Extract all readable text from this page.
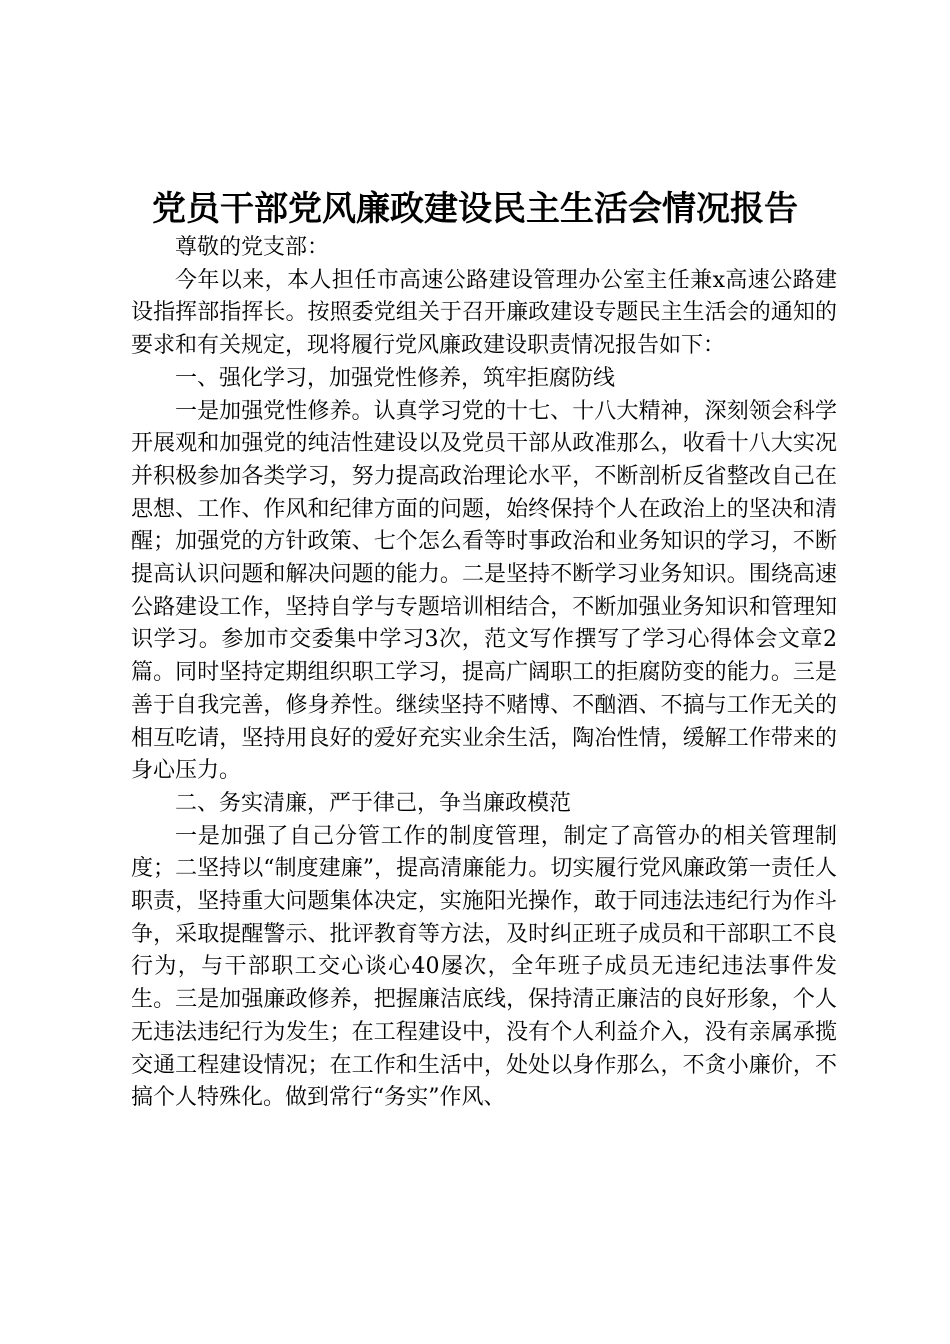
党员干部党风廉政建设民主生活会情况报告

尊敬的党支部：

今年以来，本人担任市高速公路建设管理办公室主任兼x高速公路建设指挥部指挥长。按照委党组关于召开廉政建设专题民主生活会的通知的要求和有关规定，现将履行党风廉政建设职责情况报告如下：

一、强化学习，加强党性修养，筑牢拒腐防线

一是加强党性修养。认真学习党的十七、十八大精神，深刻领会科学开展观和加强党的纯洁性建设以及党员干部从政准那么，收看十八大实况并积极参加各类学习，努力提高政治理论水平，不断剖析反省整改自己在思想、工作、作风和纪律方面的问题，始终保持个人在政治上的坚决和清醒；加强党的方针政策、七个怎么看等时事政治和业务知识的学习，不断提高认识问题和解决问题的能力。二是坚持不断学习业务知识。围绕高速公路建设工作，坚持自学与专题培训相结合，不断加强业务知识和管理知识学习。参加市交委集中学习3次，范文写作撰写了学习心得体会文章2篇。同时坚持定期组织职工学习，提高广阔职工的拒腐防变的能力。三是善于自我完善，修身养性。继续坚持不赌博、不酗酒、不搞与工作无关的相互吃请，坚持用良好的爱好充实业余生活，陶冶性情，缓解工作带来的身心压力。

二、务实清廉，严于律己，争当廉政模范

一是加强了自己分管工作的制度管理，制定了高管办的相关管理制度；二坚持以“制度建廉”，提高清廉能力。切实履行党风廉政第一责任人职责，坚持重大问题集体决定，实施阳光操作，敢于同违法违纪行为作斗争，采取提醒警示、批评教育等方法，及时纠正班子成员和干部职工不良行为，与干部职工交心谈心40屡次，全年班子成员无违纪违法事件发生。三是加强廉政修养，把握廉洁底线，保持清正廉洁的良好形象，个人无违法违纪行为发生；在工程建设中，没有个人利益介入，没有亲属承揽交通工程建设情况；在工作和生活中，处处以身作那么，不贪小廉价，不搞个人特殊化。做到常行“务实”作风、
